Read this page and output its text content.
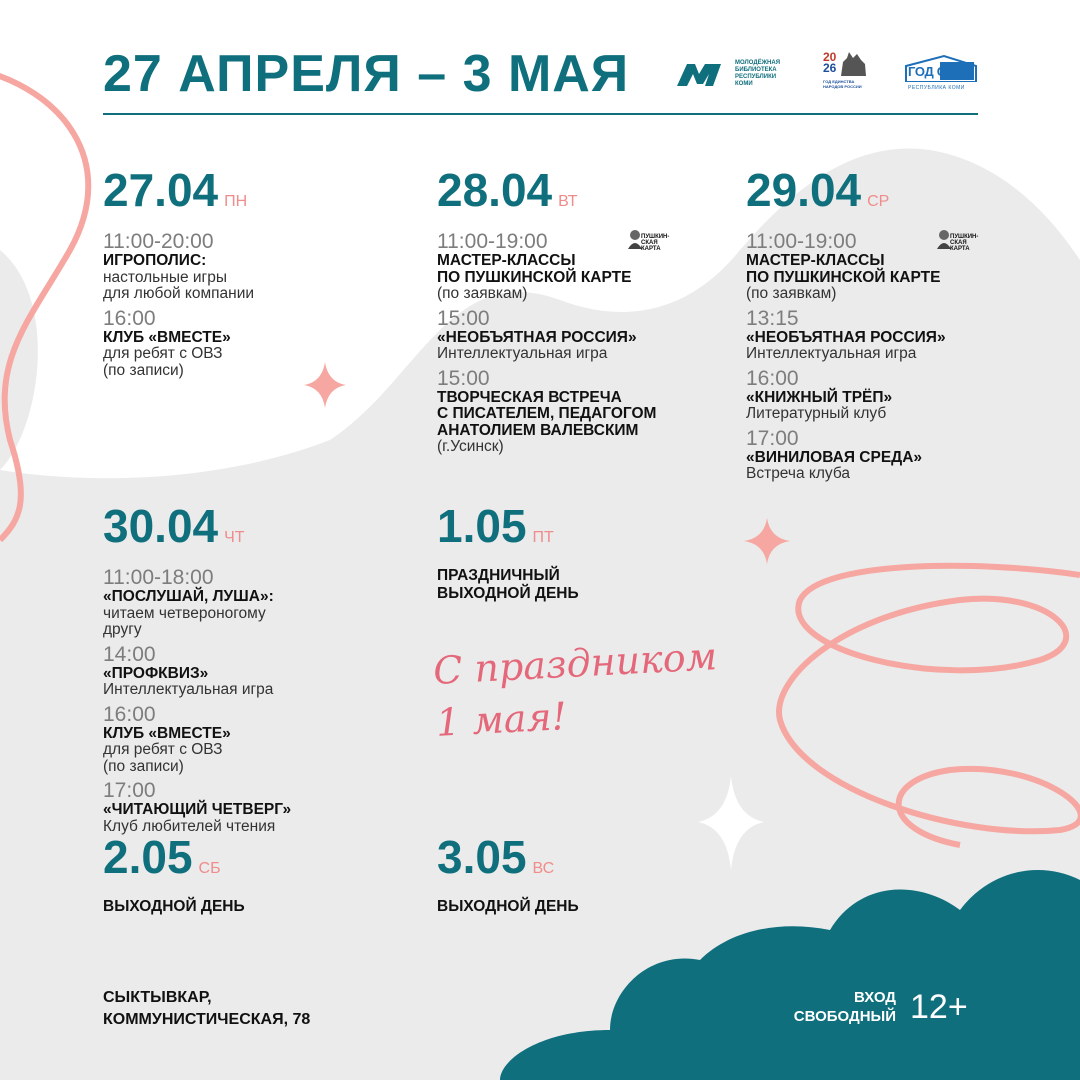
27 АПРЕЛЯ – 3 МАЯ	МОЛОДЁЖНАЯ
БИБЛИОТЕКА
РЕСПУБЛИКИ
КОМИ
20
26
ГОД ЕДИНСТВА НАРОДОВ РОССИИ
ГОД СЕЛА
РЕСПУБЛИКА КОМИ
27.04 ПН
11:00-20:00
ИГРОПОЛИС:
настольные игры
для любой компании
16:00
КЛУБ «ВМЕСТЕ»
для ребят с ОВЗ
(по записи)
28.04 ВТ
11:00-19:00
МАСТЕР-КЛАССЫ
ПО ПУШКИНСКОЙ КАРТЕ
(по заявкам)
ПУШКИН-
СКАЯ
КАРТА
15:00
«НЕОБЪЯТНАЯ РОССИЯ»
Интеллектуальная игра
15:00
ТВОРЧЕСКАЯ ВСТРЕЧА
С ПИСАТЕЛЕМ, ПЕДАГОГОМ
АНАТОЛИЕМ ВАЛЕВСКИМ
(г.Усинск)
29.04 СР
11:00-19:00
МАСТЕР-КЛАССЫ
ПО ПУШКИНСКОЙ КАРТЕ
(по заявкам)
ПУШКИН-
СКАЯ
КАРТА
13:15
«НЕОБЪЯТНАЯ РОССИЯ»
Интеллектуальная игра
16:00
«КНИЖНЫЙ ТРЁП»
Литературный клуб
17:00
«ВИНИЛОВАЯ СРЕДА»
Встреча клуба
30.04 ЧТ
11:00-18:00
«ПОСЛУШАЙ, ЛУША»:
читаем четвероногому
другу
14:00
«ПРОФКВИЗ»
Интеллектуальная игра
16:00
КЛУБ «ВМЕСТЕ»
для ребят с ОВЗ
(по записи)
17:00
«ЧИТАЮЩИЙ ЧЕТВЕРГ»
Клуб любителей чтения
1.05 ПТ
ПРАЗДНИЧНЫЙ
ВЫХОДНОЙ ДЕНЬ
С праздником
1 мая!
2.05 СБ
ВЫХОДНОЙ ДЕНЬ
3.05 ВС
ВЫХОДНОЙ ДЕНЬ
СЫКТЫВКАР,
КОММУНИСТИЧЕСКАЯ, 78
ВХОД
СВОБОДНЫЙ 12+
